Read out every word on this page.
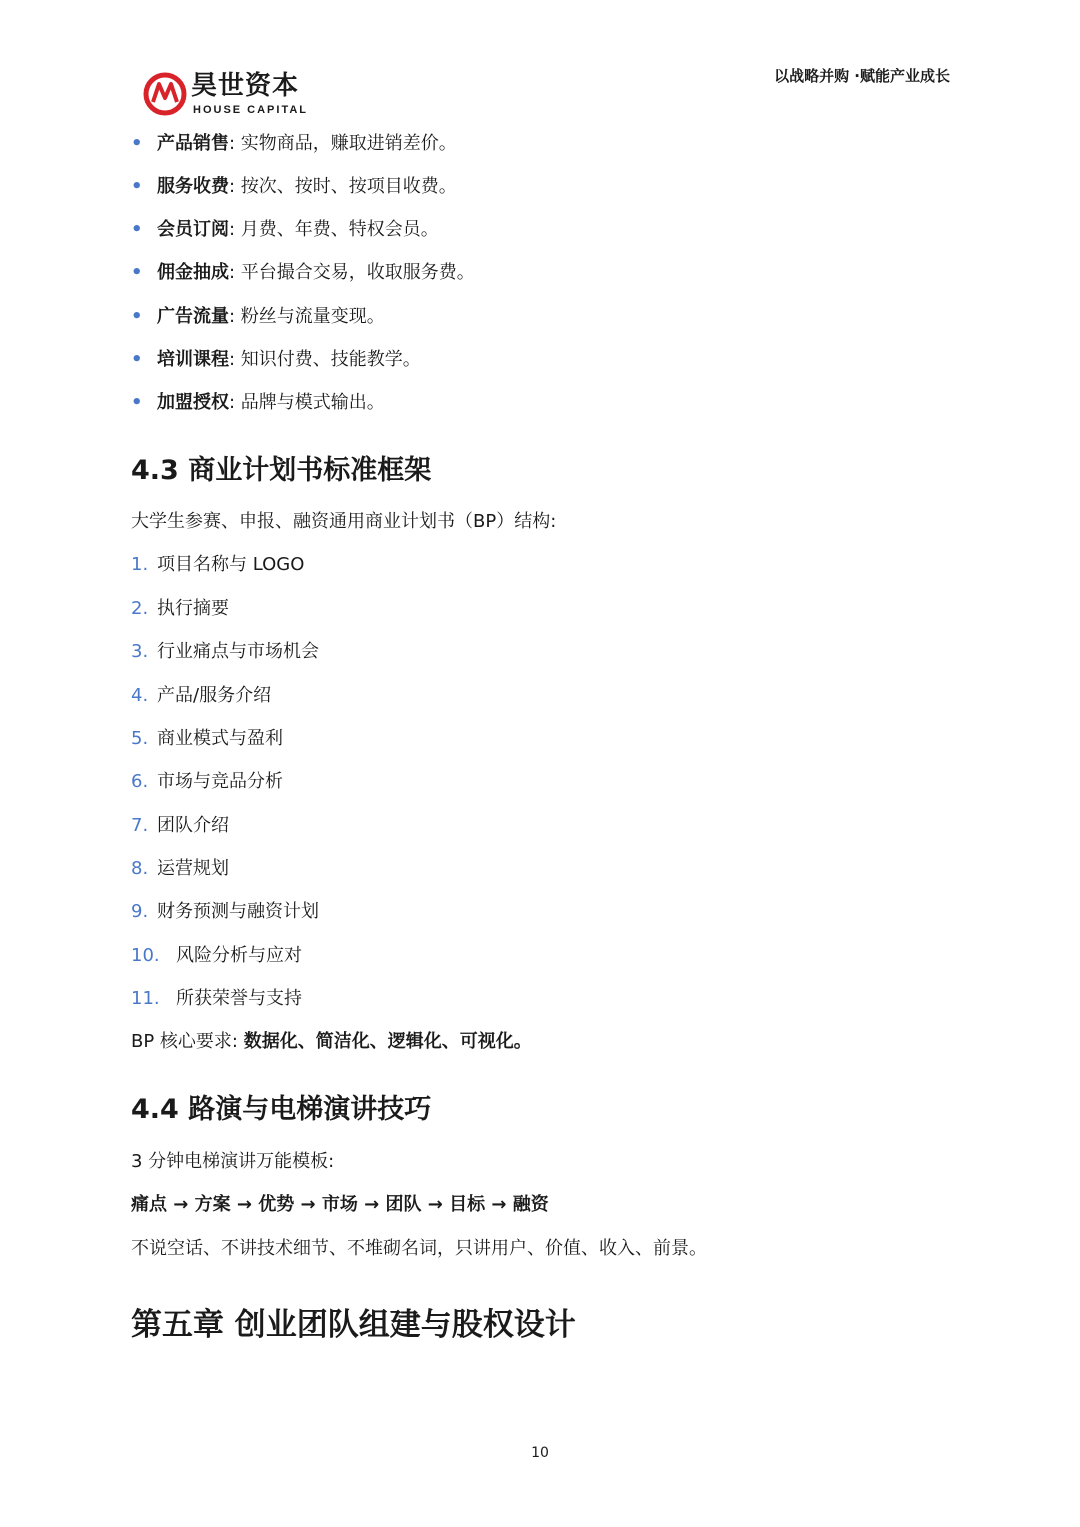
昊世资本
HOUSE CAPITAL
以战略并购 ·赋能产业成长
• 产品销售: 实物商品，赚取进销差价。
• 服务收费: 按次、按时、按项目收费。
• 会员订阅: 月费、年费、特权会员。
• 佣金抽成: 平台撮合交易，收取服务费。
• 广告流量: 粉丝与流量变现。
• 培训课程: 知识付费、技能教学。
• 加盟授权: 品牌与模式输出。
4.3 商业计划书标准框架
大学生参赛、申报、融资通用商业计划书（BP）结构:
1. 项目名称与 LOGO
2. 执行摘要
3. 行业痛点与市场机会
4. 产品/服务介绍
5. 商业模式与盈利
6. 市场与竞品分析
7. 团队介绍
8. 运营规划
9. 财务预测与融资计划
10. 风险分析与应对
11. 所获荣誉与支持
BP 核心要求: 数据化、简洁化、逻辑化、可视化。
4.4 路演与电梯演讲技巧
3 分钟电梯演讲万能模板:
痛点 → 方案 → 优势 → 市场 → 团队 → 目标 → 融资
不说空话、不讲技术细节、不堆砌名词，只讲用户、价值、收入、前景。
第五章 创业团队组建与股权设计
10
